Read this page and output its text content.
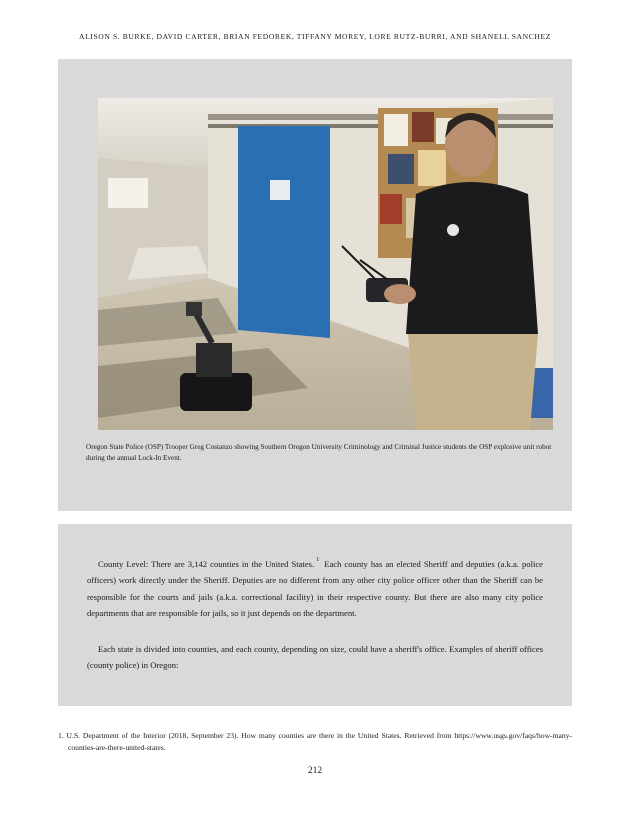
ALISON S. BURKE, DAVID CARTER, BRIAN FEDOREK, TIFFANY MOREY, LORE RUTZ-BURRI, AND SHANELL SANCHEZ
Oregon State Police (OSP) Trooper Greg Costanzo showing Southern Oregon University Criminology and Criminal Justice students the OSP explosive unit robot during the annual Lock-In Event.

County Level: There are 3,142 counties in the United States. $^1$ Each county has an elected Sheriff and deputies (a.k.a. police officers) work directly under the Sheriff. Deputies are no different from any other city police officer other than the Sheriff can be responsible for the courts and jails (a.k.a. correctional facility) in their respective county. But there are also many city police departments that are responsible for jails, so it just depends on the department.

Each state is divided into counties, and each county, depending on size, could have a sheriff's office. Examples of sheriff offices (county police) in Oregon:

1. U.S. Department of the Interior (2018, September 23). How many counties are there in the United States. Retrieved from https://www.usgs.gov/faqs/how-many-counties-are-there-united-states.
212
